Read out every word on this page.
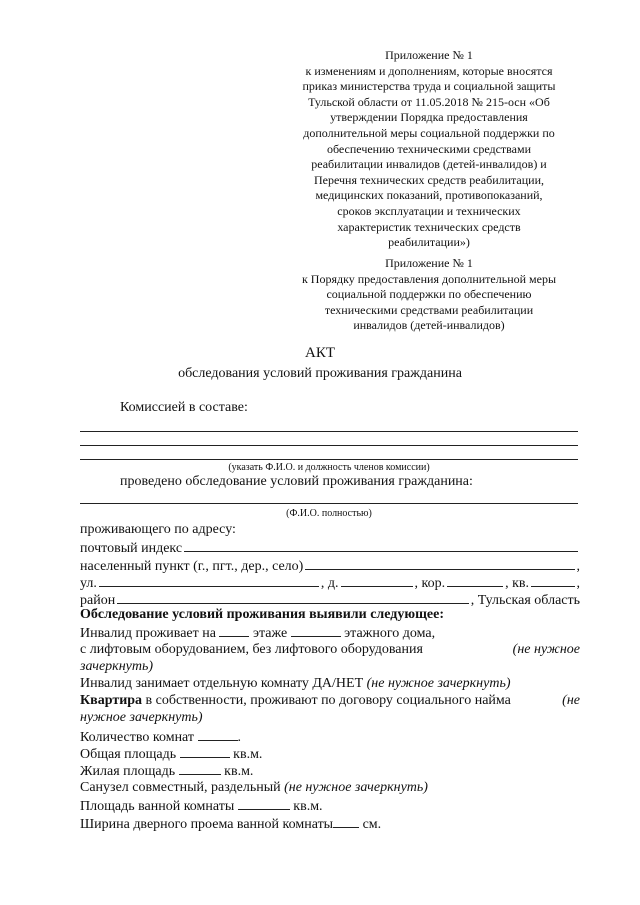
Приложение № 1
к изменениям и дополнениям, которые вносятся
приказ министерства труда и социальной защиты
Тульской области от 11.05.2018 № 215-осн «Об
утверждении Порядка предоставления
дополнительной меры социальной поддержки по
обеспечению техническими средствами
реабилитации инвалидов (детей-инвалидов) и
Перечня технических средств реабилитации,
медицинских показаний, противопоказаний,
сроков эксплуатации и технических
характеристик технических средств
реабилитации»)
Приложение № 1
к Порядку предоставления дополнительной меры
социальной поддержки по обеспечению
техническими средствами реабилитации
инвалидов (детей-инвалидов)
АКТ
обследования условий проживания гражданина
Комиссией в составе:
(указать Ф.И.О. и должность членов комиссии)
проведено обследование условий проживания гражданина:
(Ф.И.О. полностью)
проживающего по адресу:
почтовый индекс
населенный пункт (г., пгт., дер., село)	,
ул.	, д.	, кор.	, кв.	,
район	, Тульская область
Обследование условий проживания выявили следующее:
Инвалид проживает на	этаже	этажного дома,
с лифтовым оборудованием, без лифтового оборудования	(не нужное
зачеркнуть)
Инвалид занимает отдельную комнату ДА/НЕТ (не нужное зачеркнуть)
Квартира в собственности, проживают по договору социального найма	(не
нужное зачеркнуть)
Количество комнат	.
Общая площадь	кв.м.
Жилая площадь	кв.м.
Санузел совместный, раздельный (не нужное зачеркнуть)
Площадь ванной комнаты	кв.м.
Ширина дверного проема ванной комнаты см.
